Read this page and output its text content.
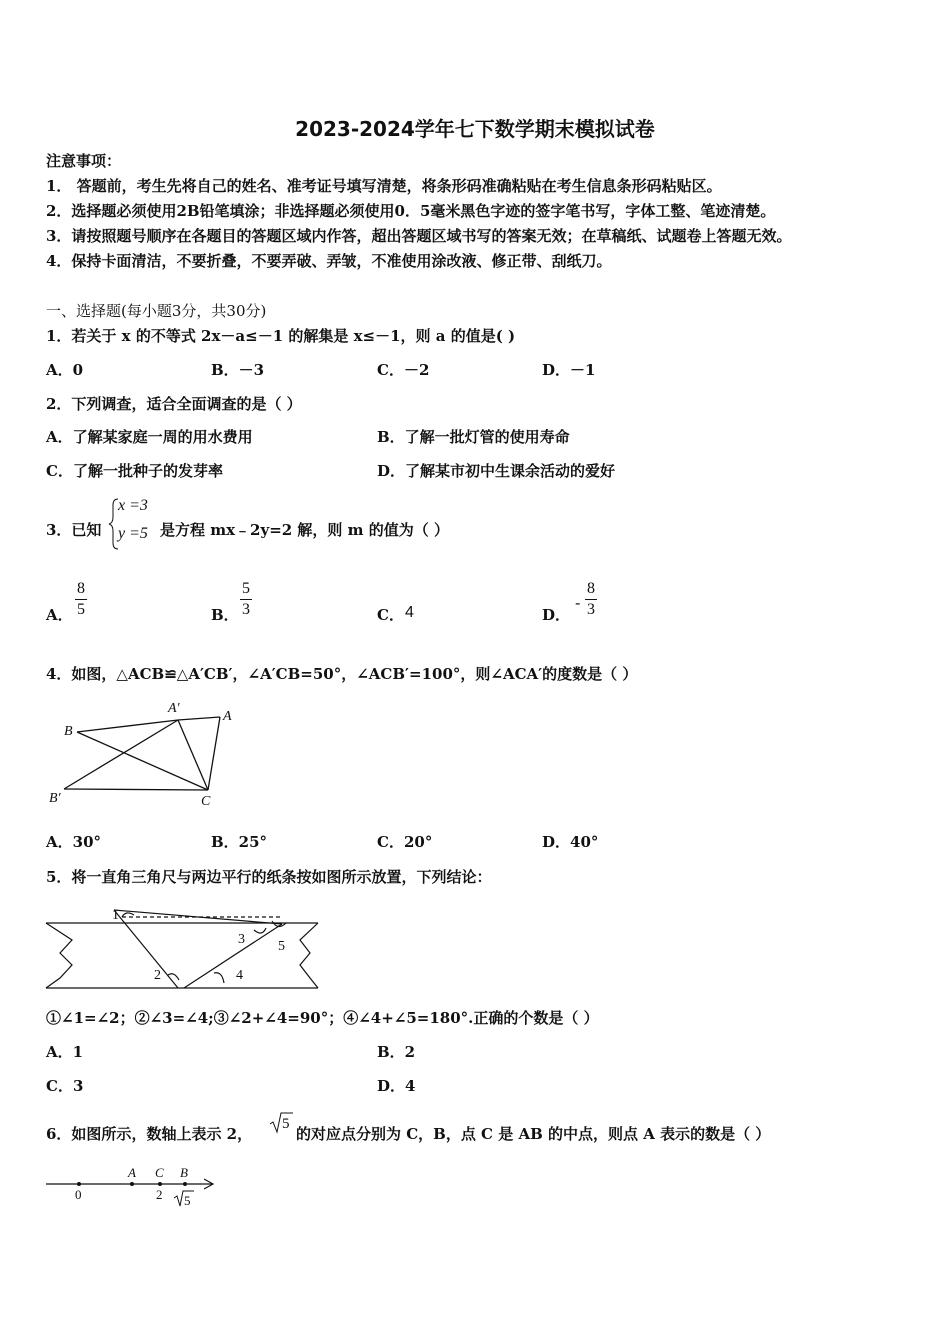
2023-2024学年七下数学期末模拟试卷
注意事项：
1． 答题前，考生先将自己的姓名、准考证号填写清楚，将条形码准确粘贴在考生信息条形码粘贴区。
2．选择题必须使用2B铅笔填涂；非选择题必须使用0．5毫米黑色字迹的签字笔书写，字体工整、笔迹清楚。
3．请按照题号顺序在各题目的答题区域内作答，超出答题区域书写的答案无效；在草稿纸、试题卷上答题无效。
4．保持卡面清洁，不要折叠，不要弄破、弄皱，不准使用涂改液、修正带、刮纸刀。
一、选择题(每小题3分，共30分)
1．若关于 x 的不等式 2x－a≤－1 的解集是 x≤－1，则 a 的值是( )
A．0	B．－3	C．－2	D．－1
2．下列调查，适合全面调查的是（ ）
A．了解某家庭一周的用水费用	B．了解一批灯管的使用寿命
C．了解一批种子的发芽率	D．了解某市初中生课余活动的爱好
3．已知
x =3
y =5 是方程 mx﹣2y=2 解，则 m 的值为（ ）
A． $\frac{8}{5}$	B． $\frac{5}{3}$	C． 4	D．
- $\frac{8}{3}$
4．如图，△ACB≌△A′CB′，∠A′CB=50°，∠ACB′=100°，则∠ACA′的度数是（ ）
B
A′
A
B′	C
A．30°	B．25°	C．20°	D．40°
5．将一直角三角尺与两边平行的纸条按如图所示放置，下列结论：
1
2
3
4
5
①∠1=∠2；②∠3=∠4;③∠2+∠4=90°；④∠4+∠5=180°.正确的个数是（ ）
A．1	B．2
C．3	D．4
6．如图所示，数轴上表示 2，
5
的对应点分别为 C，B，点 C 是 AB 的中点，则点 A 表示的数是（ ）
A C B
0	2 5
